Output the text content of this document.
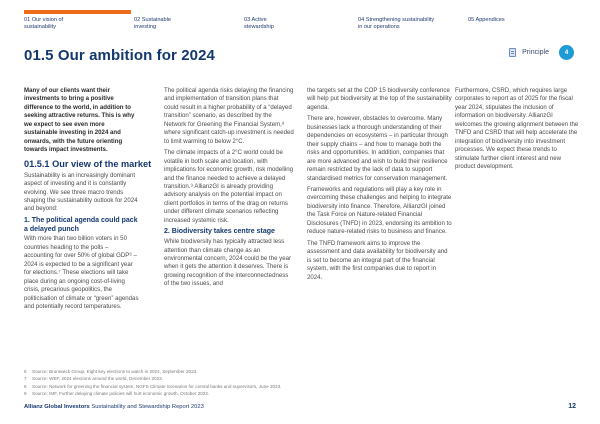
01 Our vision of
sustainability
02 Sustainable
investing
03 Active
stewardship
04 Strengthening sustainability
in our operations
05 Appendices
01.5 Our ambition for 2024	Principle	4

Many of our clients want their investments to bring a positive difference to the world, in addition to seeking attractive returns. This is why we expect to see even more sustainable investing in 2024 and onwards, with the future orienting towards impact investments.

01.5.1 Our view of the market

Sustainability is an increasingly dominant aspect of investing and it is constantly evolving. We see three macro trends shaping the sustainability outlook for 2024 and beyond:

1. The political agenda could pack a delayed punch

With more than two billion voters in 50 countries heading to the polls – accounting for over 50% of global GDP⁶ – 2024 is expected to be a significant year for elections.⁷ These elections will take place during an ongoing cost-of-living crisis, precarious geopolitics, the politicisation of climate or “green” agendas and potentially record temperatures.

The political agenda risks delaying the financing and implementation of transition plans that could result in a higher probability of a “delayed transition” scenario, as described by the Network for Greening the Financial System,⁸ where significant catch-up investment is needed to limit warming to below 2°C.

The climate impacts of a 2°C world could be volatile in both scale and location, with implications for economic growth, risk modelling and the finance needed to achieve a delayed transition.⁹ AllianzGI is already providing advisory analysis on the potential impact on client portfolios in terms of the drag on returns under different climate scenarios reflecting increased systemic risk.

2. Biodiversity takes centre stage

While biodiversity has typically attracted less attention than climate change as an environmental concern, 2024 could be the year when it gets the attention it deserves. There is growing recognition of the interconnectedness of the two issues, and

the targets set at the COP 15 biodiversity conference will help put biodiversity at the top of the sustainability agenda.

There are, however, obstacles to overcome. Many businesses lack a thorough understanding of their dependencies on ecosystems – in particular through their supply chains – and how to manage both the risks and opportunities. In addition, companies that are more advanced and wish to build their resilience remain restricted by the lack of data to support standardised metrics for conservation management.

Frameworks and regulations will play a key role in overcoming these challenges and helping to integrate biodiversity into finance. Therefore, AllianzGI joined the Task Force on Nature-related Financial Disclosures (TNFD) in 2023, endorsing its ambition to reduce nature-related risks to business and finance.

The TNFD framework aims to improve the assessment and data availability for biodiversity and is set to become an integral part of the financial system, with the first companies due to report in 2024.

Furthermore, CSRD, which requires large corporates to report as of 2025 for the fiscal year 2024, stipulates the inclusion of information on biodiversity. AllianzGI welcomes the growing alignment between the TNFD and CSRD that will help accelerate the integration of biodiversity into investment processes. We expect these trends to stimulate further client interest and new product development.

6 Source: Brunswick Group, Eight key elections to watch in 2024, September 2023.
7 Source: WEF, 2024 elections around the world, December 2023.
8 Source: Network for greening the financial system, NGFS Climate Scenarios for central banks and supervisors, June 2023.
9 Source: IMF, Further delaying climate policies will hurt economic growth, October 2022.
Allianz Global Investors Sustainability and Stewardship Report 2023	12
